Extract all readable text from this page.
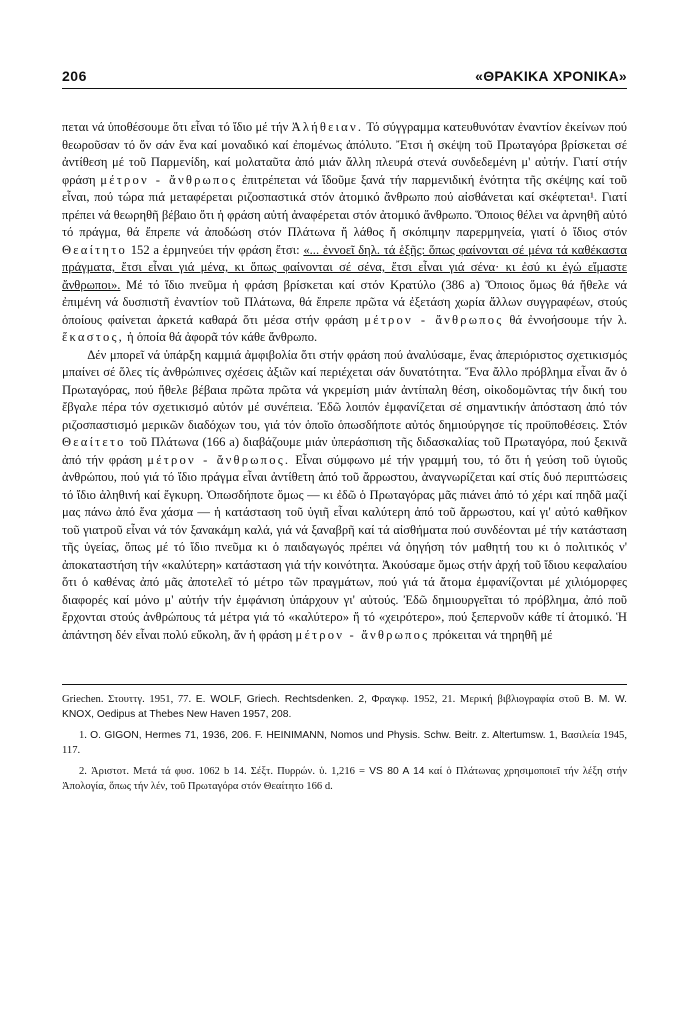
206	«ΘΡΑΚΙΚΑ ΧΡΟΝΙΚΑ»

πεται νά ὑποθέσουμε ὅτι εἶναι τό ἴδιο μέ τήν Ἀλήθειαν. Τό σύγγραμμα κατευθυνόταν ἐναντίον ἐκείνων πού θεωροῦσαν τό ὄν σάν ἕνα καί μοναδικό καί ἐπομένως ἀπόλυτο. Ἔτσι ἡ σκέψη τοῦ Πρωταγόρα βρίσκεται σέ ἀντίθεση μέ τοῦ Παρμενίδη, καί μολαταῦτα ἀπό μιάν ἄλλη πλευρά στενά συνδεδεμένη μ' αὐτήν. Γιατί στήν φράση μέτρον - ἄνθρωπος ἐπιτρέπεται νά ἴδοῦμε ξανά τήν παρμενιδική ἑνότητα τῆς σκέψης καί τοῦ εἶναι, πού τώρα πιά μεταφέρεται ριζοσπαστικά στόν ἀτομικό ἄνθρωπο πού αἰσθάνεται καί σκέφτεται¹. Γιατί πρέπει νά θεωρηθῆ βέβαιο ὅτι ἡ φράση αὐτή ἀναφέρεται στόν ἀτομικό ἄνθρωπο. Ὅποιος θέλει να ἀρνηθῆ αὐτό τό πράγμα, θά ἔπρεπε νά ἀποδώση στόν Πλάτωνα ἤ λάθος ἤ σκόπιμην παρερμηνεία, γιατί ὁ ἴδιος στόν Θεαίτητο 152 a ἑρμηνεύει τήν φράση ἔτσι: «... ἐννοεῖ δηλ. τά ἑξῆς: ὅπως φαίνονται σέ μένα τά καθέκαστα πράγματα, ἔτσι εἶναι γιά μένα, κι ὅπως φαίνονται σέ σένα, ἔτσι εἶναι γιά σένα· κι ἐσύ κι ἐγώ εἴμαστε ἄνθρωποι». Μέ τό ἴδιο πνεῦμα ἡ φράση βρίσκεται καί στόν Κρατύλο (386 a) Ὅποιος ὅμως θά ἤθελε νά ἐπιμένη νά δυσπιστῆ ἐναντίον τοῦ Πλάτωνα, θά ἔπρεπε πρῶτα νά ἐξετάση χωρία ἄλλων συγγραφέων, στούς ὁποίους φαίνεται ἀρκετά καθαρά ὅτι μέσα στήν φράση μέτρον - ἄνθρωπος θά ἐννοήσουμε τήν λ. ἕκαστος, ἡ ὁποία θά ἀφορᾶ τόν κάθε ἄνθρωπο.

Δέν μπορεῖ νά ὑπάρξη καμμιά ἀμφιβολία ὅτι στήν φράση πού ἀναλύσαμε, ἕνας ἀπεριόριστος σχετικισμός μπαίνει σέ ὅλες τίς ἀνθρώπινες σχέσεις ἀξιῶν καί περιέχεται σάν δυνατότητα. Ἕνα ἄλλο πρόβλημα εἶναι ἄν ὁ Πρωταγόρας, πού ἤθελε βέβαια πρῶτα πρῶτα νά γκρεμίση μιάν ἀντίπαλη θέση, οἰκοδομῶντας τήν δική του ἔβγαλε πέρα τόν σχετικισμό αὐτόν μέ συνέπεια. Ἐδῶ λοιπόν ἐμφανίζεται σέ σημαντικήν ἀπόσταση ἀπό τόν ριζοσπαστισμό μερικῶν διαδόχων του, γιά τόν ὁποῖο ὁπωσδήποτε αὐτός δημιούργησε τίς προϋποθέσεις. Στόν Θεαίτετο τοῦ Πλάτωνα (166 a) διαβάζουμε μιάν ὑπεράσπιση τῆς διδασκαλίας τοῦ Πρωταγόρα, πού ξεκινᾶ ἀπό τήν φράση μέτρον - ἄνθρωπος. Εἶναι σύμφωνο μέ τήν γραμμή του, τό ὅτι ἡ γεύση τοῦ ὑγιοῦς ἀνθρώπου, πού γιά τό ἴδιο πράγμα εἶναι ἀντίθετη ἀπό τοῦ ἄρρωστου, ἀναγνωρίζεται καί στίς δυό περιπτώσεις τό ἴδιο ἀληθινή καί ἔγκυρη. Ὁπωσδήποτε ὅμως — κι ἐδῶ ὁ Πρωταγόρας μᾶς πιάνει ἀπό τό χέρι καί πηδᾶ μαζί μας πάνω ἀπό ἕνα χάσμα — ἡ κατάσταση τοῦ ὑγιῆ εἶναι καλύτερη ἀπό τοῦ ἄρρωστου, καί γι' αὐτό καθῆκον τοῦ γιατροῦ εἶναι νά τόν ξανακάμη καλά, γιά νά ξαναβρῆ καί τά αἰσθήματα πού συνδέονται μέ τήν κατάσταση τῆς ὑγείας, ὅπως μέ τό ἴδιο πνεῦμα κι ὁ παιδαγωγός πρέπει νά ὀηγήση τόν μαθητή του κι ὁ πολιτικός ν' ἀποκαταστήση τήν «καλύτερη» κατάσταση γιά τήν κοινότητα. Ἀκούσαμε ὅμως στήν ἀρχή τοῦ ἴδιου κεφαλαίου ὅτι ὁ καθένας ἀπό μᾶς ἀποτελεῖ τό μέτρο τῶν πραγμάτων, πού γιά τά ἄτομα ἐμφανίζονται μέ χιλιόμορφες διαφορές καί μόνο μ' αὐτήν τήν ἐμφάνιση ὑπάρχουν γι' αὐτούς. Ἐδῶ δημιουργεῖται τό πρόβλημα, ἀπό ποῦ ἔρχονται στούς ἀνθρώπους τά μέτρα γιά τό «καλύτερο» ἤ τό «χειρότερο», πού ξεπερνοῦν κάθε τί ἀτομικό. Ἡ ἀπάντηση δέν εἶναι πολύ εὔκολη, ἄν ἡ φράση μέτρον - ἄνθρωπος πρόκειται νά τηρηθῆ μέ

Griechen. Στουττγ. 1951, 77. E. WOLF, Griech. Rechtsdenken. 2, Φραγκφ. 1952, 21. Μερική βιβλιογραφία στοῦ B. M. W. KNOX, Oedipus at Thebes New Haven 1957, 208.

1. O. GIGON, Hermes 71, 1936, 206. F. HEINIMANN, Nomos und Physis. Schw. Beitr. z. Altertumsw. 1, Βασιλεία 1945, 117.

2. Ἀριστοτ. Μετά τά φυσ. 1062 b 14. Σέξτ. Πυρρών. ὑ. 1,216 = VS 80 A 14 καί ὁ Πλάτωνας χρησιμοποιεῖ τήν λέξη στήν Ἀπολογία, ὅπως τήν λέν, τοῦ Πρωταγόρα στόν Θεαίτητο 166 d.
